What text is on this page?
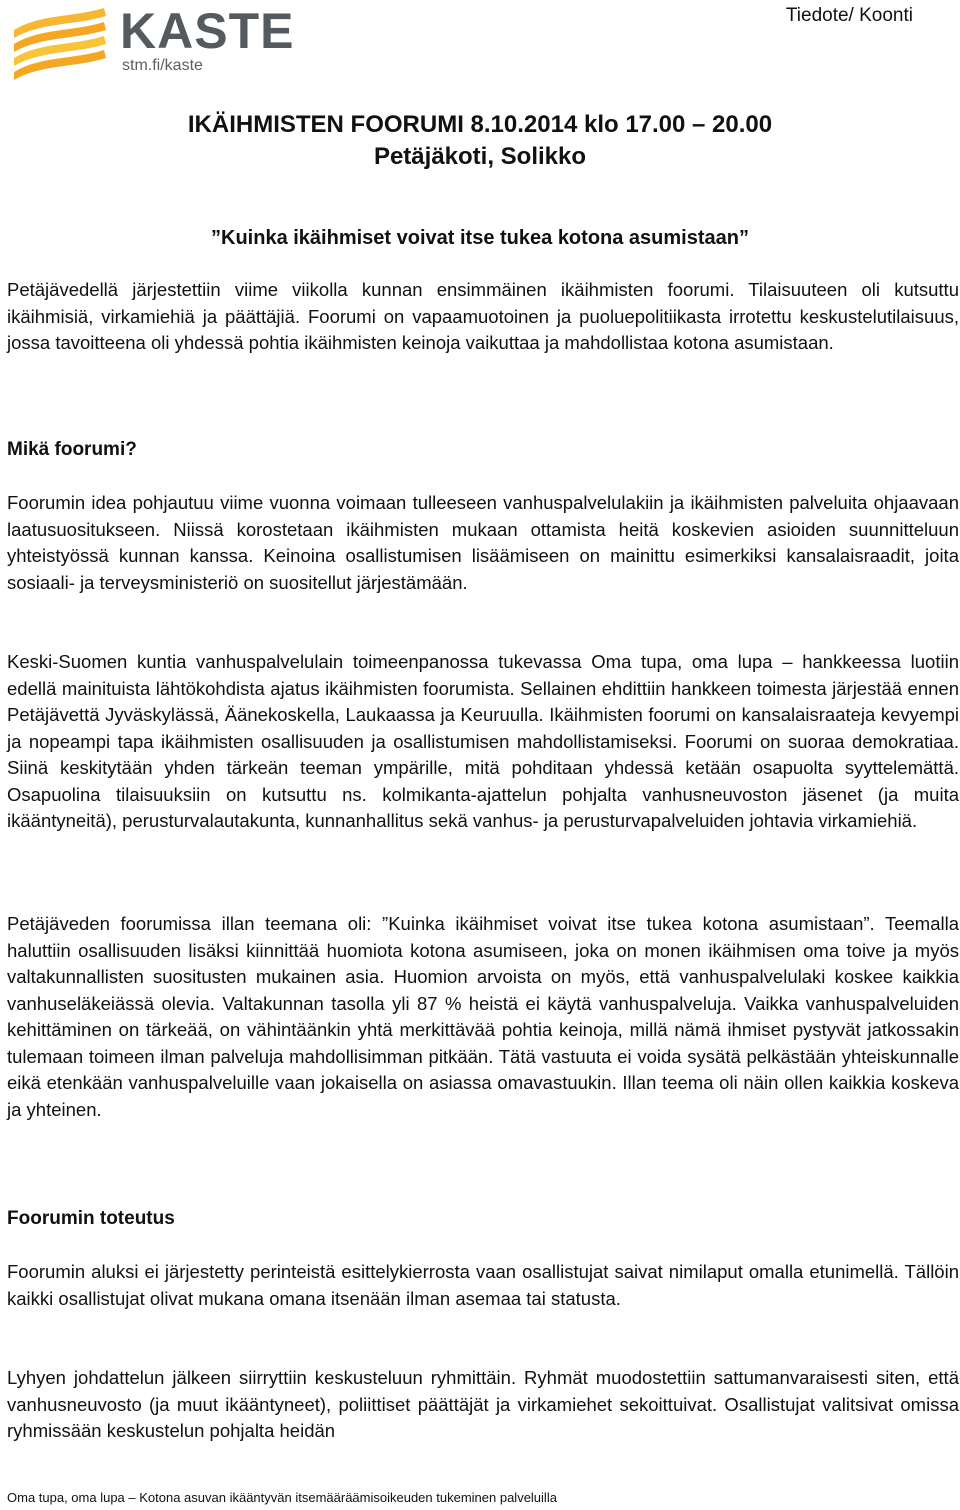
KASTE
stm.fi/kaste
Tiedote/ Koonti
IKÄIHMISTEN FOORUMI 8.10.2014 klo 17.00 – 20.00
Petäjäkoti, Solikko
”Kuinka ikäihmiset voivat itse tukea kotona asumistaan”
Petäjävedellä järjestettiin viime viikolla kunnan ensimmäinen ikäihmisten foorumi. Tilaisuuteen oli kutsuttu ikäihmisiä, virkamiehiä ja päättäjiä. Foorumi on vapaamuotoinen ja puoluepolitiikasta irrotettu keskustelutilaisuus, jossa tavoitteena oli yhdessä pohtia ikäihmisten keinoja vaikuttaa ja mahdollistaa kotona asumistaan.
Mikä foorumi?
Foorumin idea pohjautuu viime vuonna voimaan tulleeseen vanhuspalvelulakiin ja ikäihmisten palveluita ohjaavaan laatusuositukseen. Niissä korostetaan ikäihmisten mukaan ottamista heitä koskevien asioiden suunnitteluun yhteistyössä kunnan kanssa. Keinoina osallistumisen lisäämiseen on mainittu esimerkiksi kansalaisraadit, joita sosiaali- ja terveysministeriö on suositellut järjestämään.
Keski-Suomen kuntia vanhuspalvelulain toimeenpanossa tukevassa Oma tupa, oma lupa – hankkeessa luotiin edellä mainituista lähtökohdista ajatus ikäihmisten foorumista. Sellainen ehdittiin hankkeen toimesta järjestää ennen Petäjävettä Jyväskylässä, Äänekoskella, Laukaassa ja Keuruulla. Ikäihmisten foorumi on kansalaisraateja kevyempi ja nopeampi tapa ikäihmisten osallisuuden ja osallistumisen mahdollistamiseksi. Foorumi on suoraa demokratiaa. Siinä keskitytään yhden tärkeän teeman ympärille, mitä pohditaan yhdessä ketään osapuolta syyttelemättä. Osapuolina tilaisuuksiin on kutsuttu ns. kolmikanta-ajattelun pohjalta vanhusneuvoston jäsenet (ja muita ikääntyneitä), perusturvalautakunta, kunnanhallitus sekä vanhus- ja perusturvapalveluiden johtavia virkamiehiä.
Petäjäveden foorumissa illan teemana oli: ”Kuinka ikäihmiset voivat itse tukea kotona asumistaan”. Teemalla haluttiin osallisuuden lisäksi kiinnittää huomiota kotona asumiseen, joka on monen ikäihmisen oma toive ja myös valtakunnallisten suositusten mukainen asia. Huomion arvoista on myös, että vanhuspalvelulaki koskee kaikkia vanhuseläkeiässä olevia. Valtakunnan tasolla yli 87 % heistä ei käytä vanhuspalveluja. Vaikka vanhuspalveluiden kehittäminen on tärkeää, on vähintäänkin yhtä merkittävää pohtia keinoja, millä nämä ihmiset pystyvät jatkossakin tulemaan toimeen ilman palveluja mahdollisimman pitkään. Tätä vastuuta ei voida sysätä pelkästään yhteiskunnalle eikä etenkään vanhuspalveluille vaan jokaisella on asiassa omavastuukin. Illan teema oli näin ollen kaikkia koskeva ja yhteinen.
Foorumin toteutus
Foorumin aluksi ei järjestetty perinteistä esittelykierrosta vaan osallistujat saivat nimilaput omalla etunimellä. Tällöin kaikki osallistujat olivat mukana omana itsenään ilman asemaa tai statusta.
Lyhyen johdattelun jälkeen siirryttiin keskusteluun ryhmittäin. Ryhmät muodostettiin sattumanvaraisesti siten, että vanhusneuvosto (ja muut ikääntyneet), poliittiset päättäjät ja virkamiehet sekoittuivat. Osallistujat valitsivat omissa ryhmissään keskustelun pohjalta heidän
Oma tupa, oma lupa – Kotona asuvan ikääntyvän itsemääräämisoikeuden tukeminen palveluilla
